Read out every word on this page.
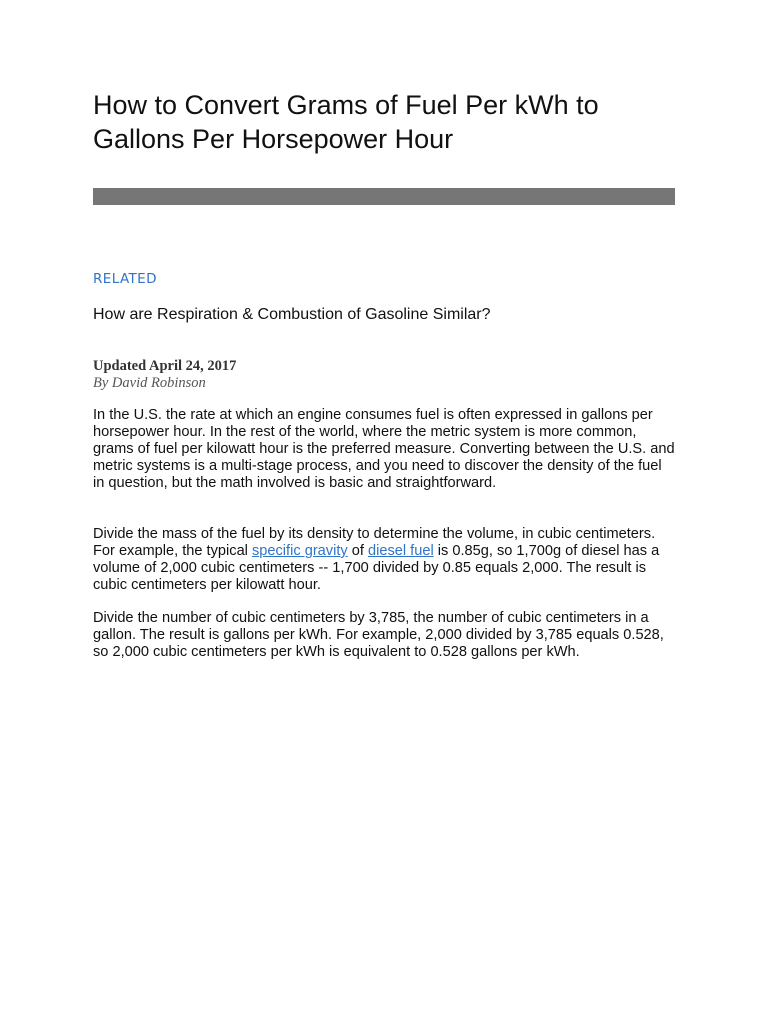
How to Convert Grams of Fuel Per kWh to Gallons Per Horsepower Hour
RELATED
How are Respiration & Combustion of Gasoline Similar?
Updated April 24, 2017
By David Robinson

In the U.S. the rate at which an engine consumes fuel is often expressed in gallons per horsepower hour. In the rest of the world, where the metric system is more common, grams of fuel per kilowatt hour is the preferred measure. Converting between the U.S. and metric systems is a multi-stage process, and you need to discover the density of the fuel in question, but the math involved is basic and straightforward.

Divide the mass of the fuel by its density to determine the volume, in cubic centimeters. For example, the typical specific gravity of diesel fuel is 0.85g, so 1,700g of diesel has a volume of 2,000 cubic centimeters -- 1,700 divided by 0.85 equals 2,000. The result is cubic centimeters per kilowatt hour.

Divide the number of cubic centimeters by 3,785, the number of cubic centimeters in a gallon. The result is gallons per kWh. For example, 2,000 divided by 3,785 equals 0.528, so 2,000 cubic centimeters per kWh is equivalent to 0.528 gallons per kWh.
